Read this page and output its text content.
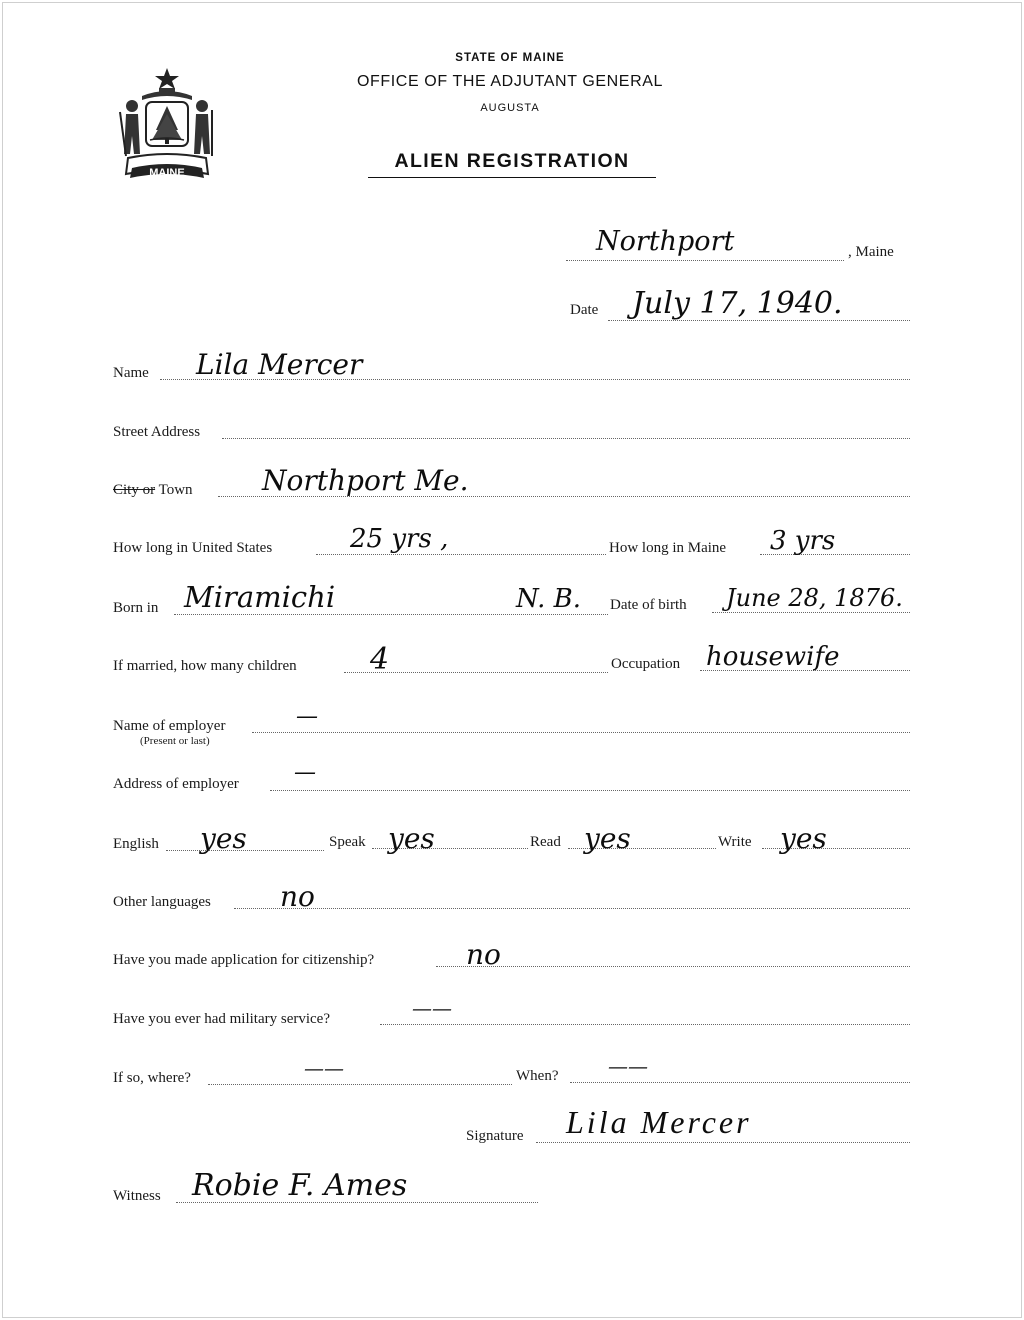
MAINE
STATE OF MAINE
OFFICE OF THE ADJUTANT GENERAL
AUGUSTA
ALIEN REGISTRATION
Northport	, Maine
Date July 17, 1940.
Name Lila Mercer
Street Address
City or Town Northport Me.
How long in United States	25 yrs ,	How long in Maine 3 yrs
Born in Miramichi	N. B. Date of birth June 28, 1876.
If married, how many children 4	Occupation housewife
Name of employer
(Present or last)
—
Address of employer	—
English yes	Speak yes	Read yes	Write yes
Other languages no
Have you made application for citizenship?	no
Have you ever had military service?	——
If so, where?	——	When? ——
Signature Lila Mercer
Witness Robie F. Ames
